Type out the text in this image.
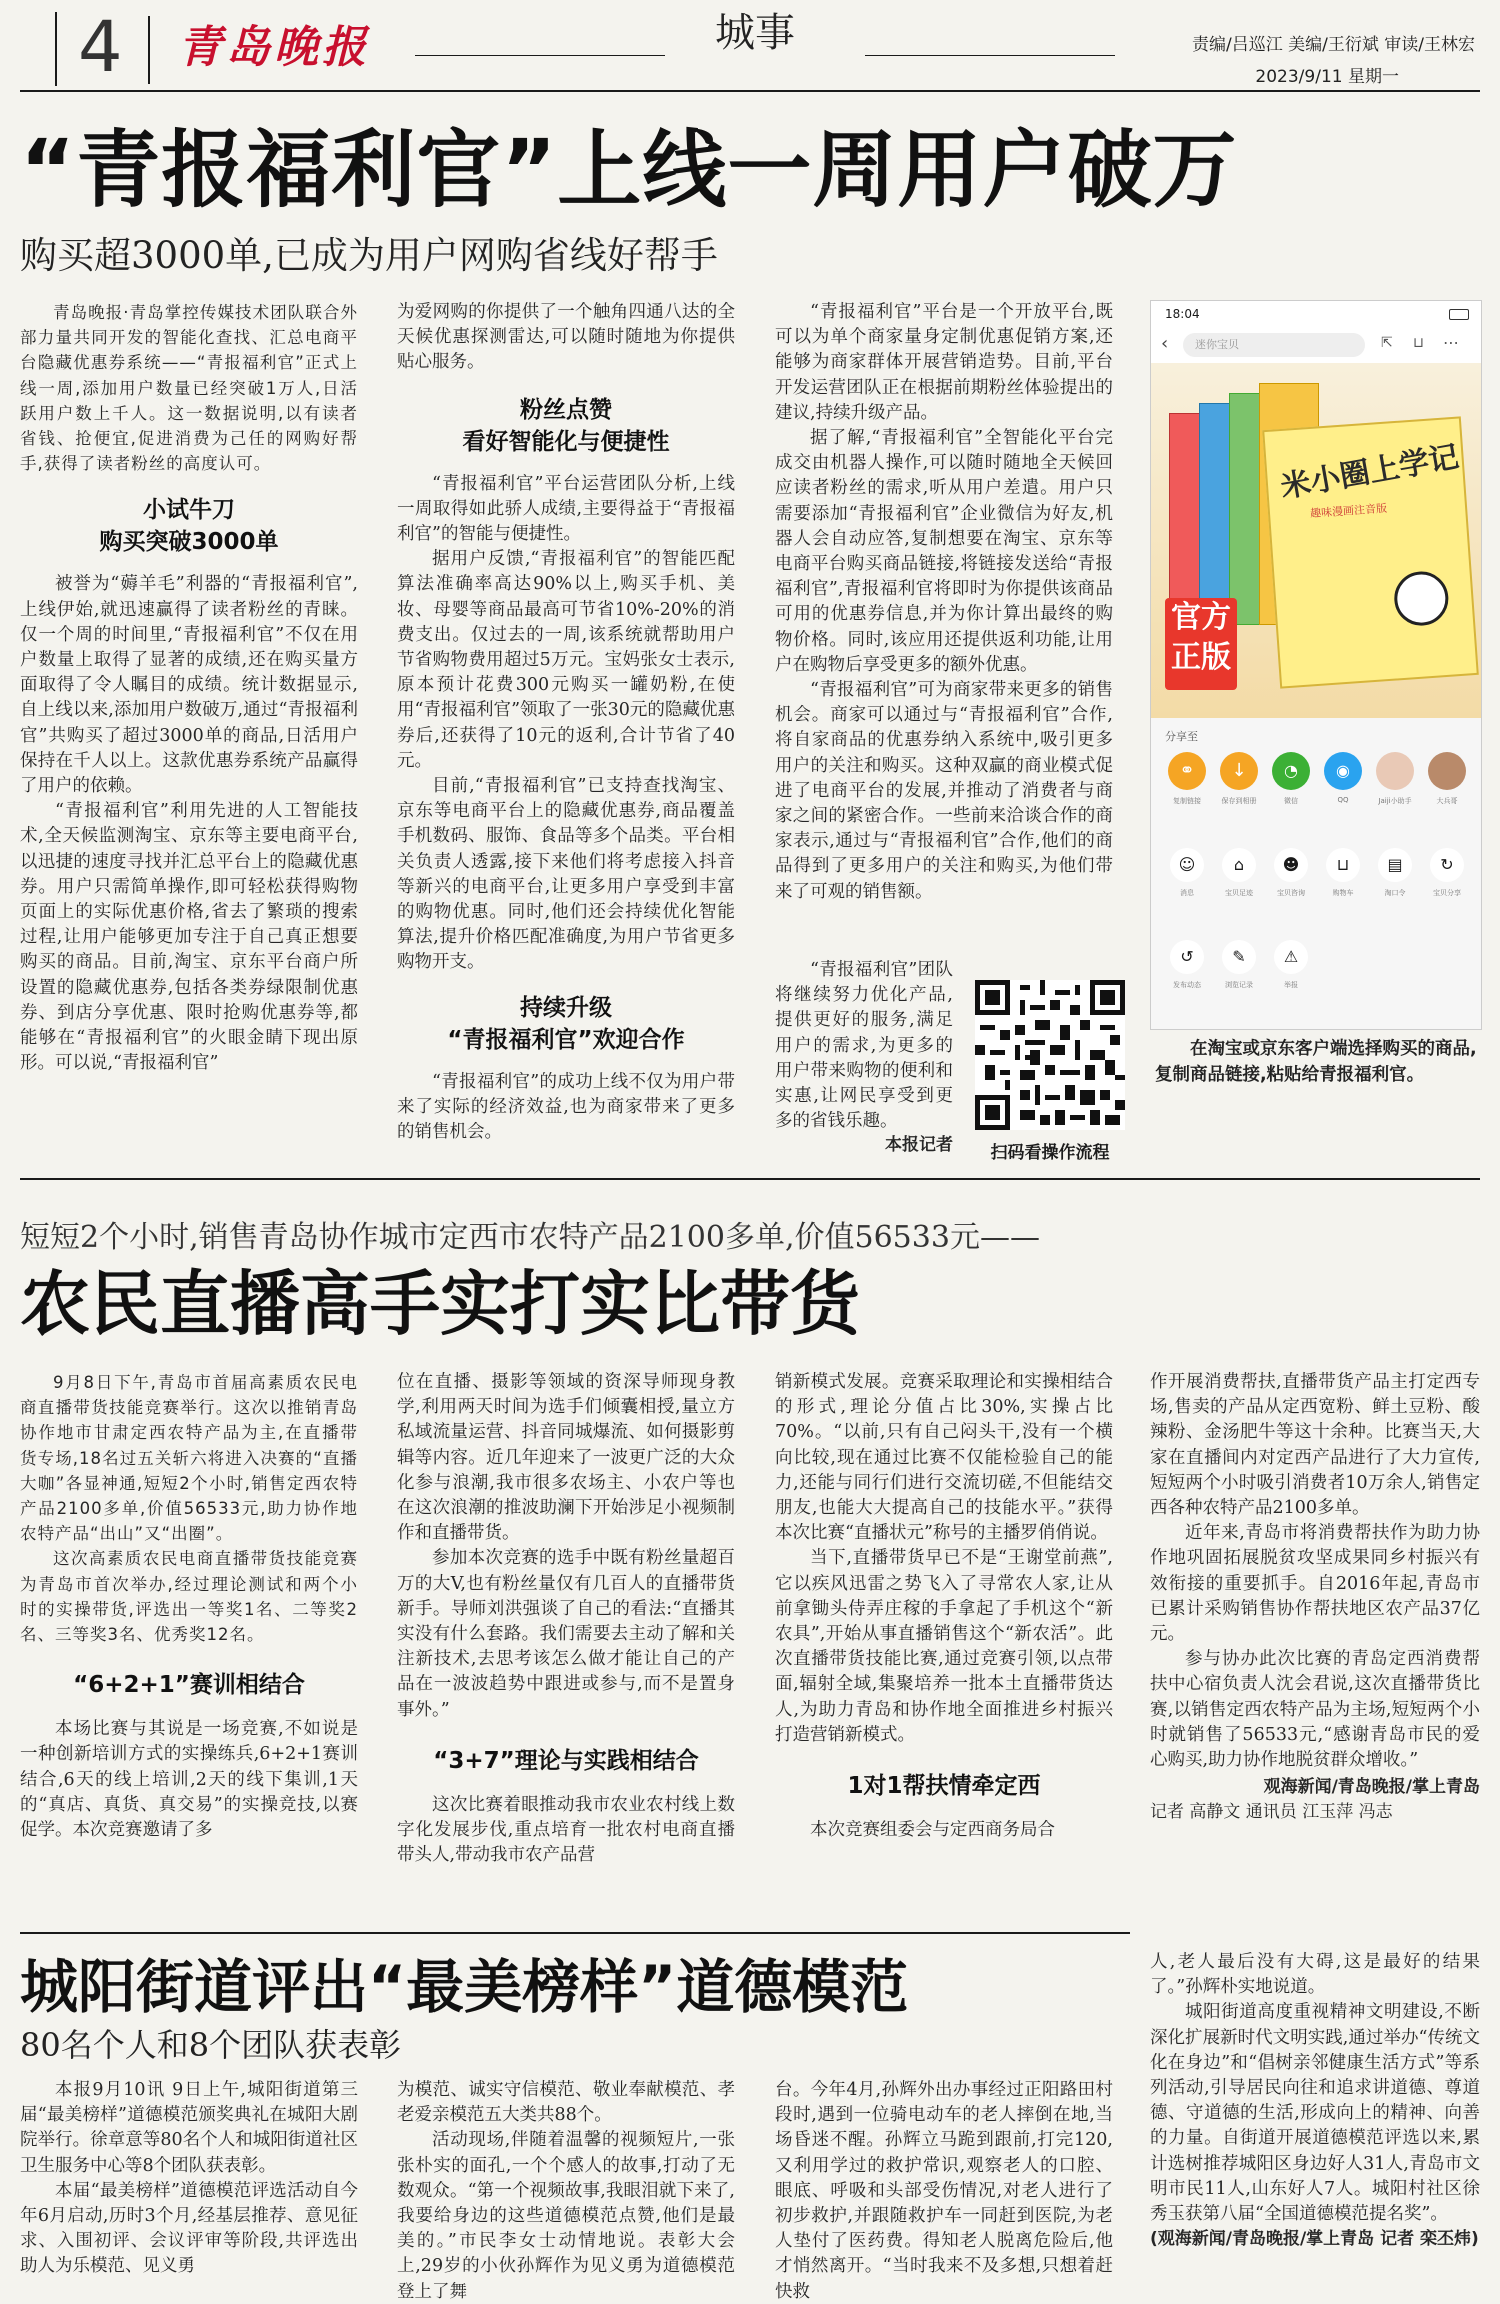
4 青岛晚报	城事	责编/吕巡江 美编/王衍斌 审读/王林宏
2023/9/11 星期一
“青报福利官”上线一周用户破万
购买超3000单,已成为用户网购省线好帮手

青岛晚报·青岛掌控传媒技术团队联合外部力量共同开发的智能化查找、汇总电商平台隐藏优惠券系统——“青报福利官”正式上线一周,添加用户数量已经突破1万人,日活跃用户数上千人。这一数据说明,以有读者省钱、抢便宜,促进消费为己任的网购好帮手,获得了读者粉丝的高度认可。

小试牛刀
购买突破3000单

被誉为“薅羊毛”利器的“青报福利官”,上线伊始,就迅速赢得了读者粉丝的青睐。仅一个周的时间里,“青报福利官”不仅在用户数量上取得了显著的成绩,还在购买量方面取得了令人瞩目的成绩。统计数据显示,自上线以来,添加用户数破万,通过“青报福利官”共购买了超过3000单的商品,日活用户保持在千人以上。这款优惠券系统产品赢得了用户的依赖。

“青报福利官”利用先进的人工智能技术,全天候监测淘宝、京东等主要电商平台,以迅捷的速度寻找并汇总平台上的隐藏优惠券。用户只需简单操作,即可轻松获得购物页面上的实际优惠价格,省去了繁琐的搜索过程,让用户能够更加专注于自己真正想要购买的商品。目前,淘宝、京东平台商户所设置的隐藏优惠券,包括各类券绿限制优惠券、到店分享优惠、限时抢购优惠券等,都能够在“青报福利官”的火眼金睛下现出原形。可以说,“青报福利官”

为爱网购的你提供了一个触角四通八达的全天候优惠探测雷达,可以随时随地为你提供贴心服务。

粉丝点赞
看好智能化与便捷性

“青报福利官”平台运营团队分析,上线一周取得如此骄人成绩,主要得益于“青报福利官”的智能与便捷性。

据用户反馈,“青报福利官”的智能匹配算法准确率高达90%以上,购买手机、美妆、母婴等商品最高可节省10%-20%的消费支出。仅过去的一周,该系统就帮助用户节省购物费用超过5万元。宝妈张女士表示,原本预计花费300元购买一罐奶粉,在使用“青报福利官”领取了一张30元的隐藏优惠券后,还获得了10元的返利,合计节省了40元。

目前,“青报福利官”已支持查找淘宝、京东等电商平台上的隐藏优惠券,商品覆盖手机数码、服饰、食品等多个品类。平台相关负责人透露,接下来他们将考虑接入抖音等新兴的电商平台,让更多用户享受到丰富的购物优惠。同时,他们还会持续优化智能算法,提升价格匹配准确度,为用户节省更多购物开支。

持续升级
“青报福利官”欢迎合作

“青报福利官”的成功上线不仅为用户带来了实际的经济效益,也为商家带来了更多的销售机会。

“青报福利官”平台是一个开放平台,既可以为单个商家量身定制优惠促销方案,还能够为商家群体开展营销造势。目前,平台开发运营团队正在根据前期粉丝体验提出的建议,持续升级产品。

据了解,“青报福利官”全智能化平台完成交由机器人操作,可以随时随地全天候回应读者粉丝的需求,听从用户差遣。用户只需要添加“青报福利官”企业微信为好友,机器人会自动应答,复制想要在淘宝、京东等电商平台购买商品链接,将链接发送给“青报福利官”,青报福利官将即时为你提供该商品可用的优惠券信息,并为你计算出最终的购物价格。同时,该应用还提供返利功能,让用户在购物后享受更多的额外优惠。

“青报福利官”可为商家带来更多的销售机会。商家可以通过与“青报福利官”合作,将自家商品的优惠券纳入系统中,吸引更多用户的关注和购买。这种双赢的商业模式促进了电商平台的发展,并推动了消费者与商家之间的紧密合作。一些前来洽谈合作的商家表示,通过与“青报福利官”合作,他们的商品得到了更多用户的关注和购买,为他们带来了可观的销售额。

“青报福利官”团队将继续努力优化产品,提供更好的服务,满足用户的需求,为更多的用户带来购物的便利和实惠,让网民享受到更多的省钱乐趣。

本报记者	扫码看操作流程
18:04
‹	迷你宝贝	⇱ ⊔ ⋯
米小圈上学记
趣味漫画注音版
官方
正版
分享至
⚭
复制链接
↓
保存到相册
◔
微信
◉
QQ	Jaiji小助手	大兵哥
☺
消息
⌂
宝贝足迹
☻
宝贝咨询
⊔
购物车
▤
淘口令
↻
宝贝分享
↺
发布动态
✎
浏览记录
⚠
举报
在淘宝或京东客户端选择购买的商品,复制商品链接,粘贴给青报福利官。
短短2个小时,销售青岛协作城市定西市农特产品2100多单,价值56533元——
农民直播高手实打实比带货

9月8日下午,青岛市首届高素质农民电商直播带货技能竞赛举行。这次以推销青岛协作地市甘肃定西农特产品为主,在直播带货专场,18名过五关斩六将进入决赛的“直播大咖”各显神通,短短2个小时,销售定西农特产品2100多单,价值56533元,助力协作地农特产品“出山”又“出圈”。

这次高素质农民电商直播带货技能竞赛为青岛市首次举办,经过理论测试和两个小时的实操带货,评选出一等奖1名、二等奖2名、三等奖3名、优秀奖12名。

“6+2+1”赛训相结合

本场比赛与其说是一场竞赛,不如说是一种创新培训方式的实操练兵,6+2+1赛训结合,6天的线上培训,2天的线下集训,1天的“真店、真货、真交易”的实操竞技,以赛促学。本次竞赛邀请了多

位在直播、摄影等领域的资深导师现身教学,利用两天时间为选手们倾囊相授,量立方私域流量运营、抖音同城爆流、如何摄影剪辑等内容。近几年迎来了一波更广泛的大众化参与浪潮,我市很多农场主、小农户等也在这次浪潮的推波助澜下开始涉足小视频制作和直播带货。

参加本次竞赛的选手中既有粉丝量超百万的大V,也有粉丝量仅有几百人的直播带货新手。导师刘洪强谈了自己的看法:“直播其实没有什么套路。我们需要去主动了解和关注新技术,去思考该怎么做才能让自己的产品在一波波趋势中跟进或参与,而不是置身事外。”

“3+7”理论与实践相结合

这次比赛着眼推动我市农业农村线上数字化发展步伐,重点培育一批农村电商直播带头人,带动我市农产品营

销新模式发展。竞赛采取理论和实操相结合的形式,理论分值占比30%,实操占比70%。“以前,只有自己闷头干,没有一个横向比较,现在通过比赛不仅能检验自己的能力,还能与同行们进行交流切磋,不但能结交朋友,也能大大提高自己的技能水平。”获得本次比赛“直播状元”称号的主播罗俏俏说。

当下,直播带货早已不是“王谢堂前燕”,它以疾风迅雷之势飞入了寻常农人家,让从前拿锄头侍弄庄稼的手拿起了手机这个“新农具”,开始从事直播销售这个“新农活”。此次直播带货技能比赛,通过竞赛引领,以点带面,辐射全域,集聚培养一批本土直播带货达人,为助力青岛和协作地全面推进乡村振兴打造营销新模式。

1对1帮扶情牵定西

本次竞赛组委会与定西商务局合

作开展消费帮扶,直播带货产品主打定西专场,售卖的产品从定西宽粉、鲜土豆粉、酸辣粉、金汤肥牛等这十余种。比赛当天,大家在直播间内对定西产品进行了大力宣传,短短两个小时吸引消费者10万余人,销售定西各种农特产品2100多单。

近年来,青岛市将消费帮扶作为助力协作地巩固拓展脱贫攻坚成果同乡村振兴有效衔接的重要抓手。自2016年起,青岛市已累计采购销售协作帮扶地区农产品37亿元。

参与协办此次比赛的青岛定西消费帮扶中心宿负责人沈会君说,这次直播带货比赛,以销售定西农特产品为主场,短短两个小时就销售了56533元,“感谢青岛市民的爱心购买,助力协作地脱贫群众增收。”

观海新闻/青岛晚报/掌上青岛
记者 高静文 通讯员 江玉萍 冯志
城阳街道评出“最美榜样”道德模范
80名个人和8个团队获表彰

本报9月10讯 9日上午,城阳街道第三届“最美榜样”道德模范颁奖典礼在城阳大剧院举行。徐章意等80名个人和城阳街道社区卫生服务中心等8个团队获表彰。

本届“最美榜样”道德模范评选活动自今年6月启动,历时3个月,经基层推荐、意见征求、入围初评、会议评审等阶段,共评选出助人为乐模范、见义勇

为模范、诚实守信模范、敬业奉献模范、孝老爱亲模范五大类共88个。

活动现场,伴随着温馨的视频短片,一张张朴实的面孔,一个个感人的故事,打动了无数观众。“第一个视频故事,我眼泪就下来了,我要给身边的这些道德模范点赞,他们是最美的。”市民李女士动情地说。表彰大会上,29岁的小伙孙辉作为见义勇为道德模范登上了舞

台。今年4月,孙辉外出办事经过正阳路田村段时,遇到一位骑电动车的老人摔倒在地,当场昏迷不醒。孙辉立马跪到跟前,打完120,又利用学过的救护常识,观察老人的口腔、眼底、呼吸和头部受伤情况,对老人进行了初步救护,并跟随救护车一同赶到医院,为老人垫付了医药费。得知老人脱离危险后,他才悄然离开。“当时我来不及多想,只想着赶快救

人,老人最后没有大碍,这是最好的结果了。”孙辉朴实地说道。

城阳街道高度重视精神文明建设,不断深化扩展新时代文明实践,通过举办“传统文化在身边”和“倡树亲邻健康生活方式”等系列活动,引导居民向往和追求讲道德、尊道德、守道德的生活,形成向上的精神、向善的力量。自街道开展道德模范评选以来,累计选树推荐城阳区身边好人31人,青岛市文明市民11人,山东好人7人。城阳村社区徐秀玉获第八届“全国道德模范提名奖”。

(观海新闻/青岛晚报/掌上青岛 记者 栾丕炜)
